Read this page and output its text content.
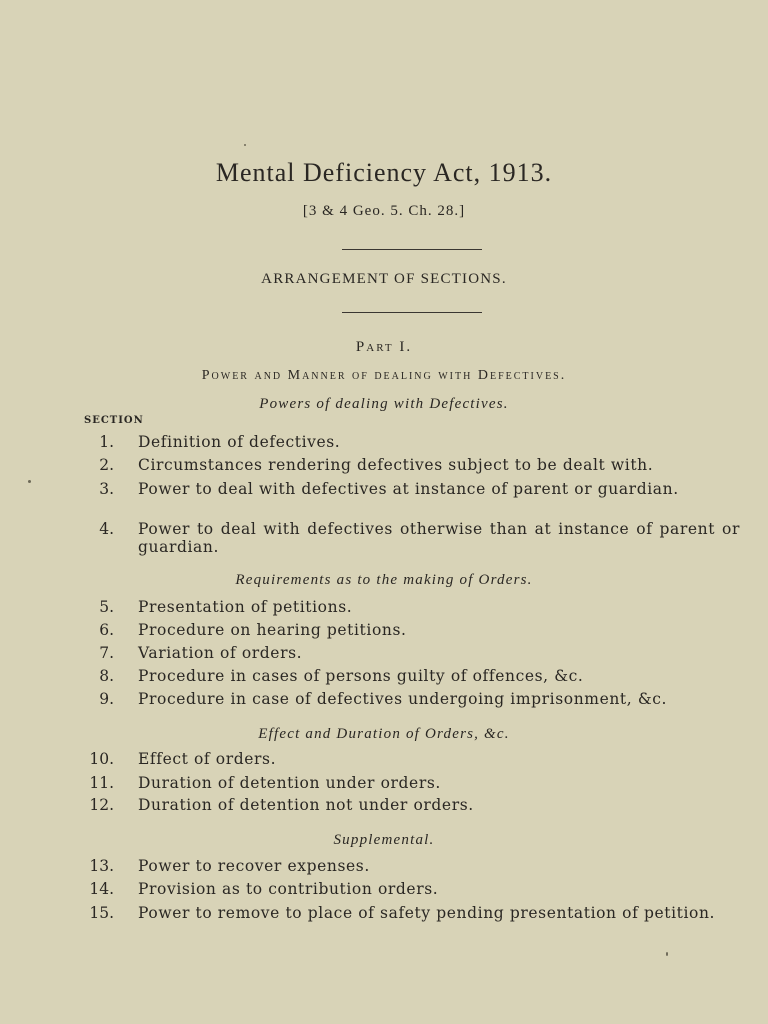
Mental Deficiency Act, 1913.
[3 & 4 Geo. 5. Ch. 28.]
ARRANGEMENT OF SECTIONS.
Part I.
Power and Manner of dealing with Defectives.
Powers of dealing with Defectives.
SECTION
1. Definition of defectives.
2. Circumstances rendering defectives subject to be dealt with.
3. Power to deal with defectives at instance of parent or guardian.
4. Power to deal with defectives otherwise than at instance of parent or guardian.
Requirements as to the making of Orders.
5. Presentation of petitions.
6. Procedure on hearing petitions.
7. Variation of orders.
8. Procedure in cases of persons guilty of offences, &c.
9. Procedure in case of defectives undergoing imprisonment, &c.
Effect and Duration of Orders, &c.
10. Effect of orders.
11. Duration of detention under orders.
12. Duration of detention not under orders.
Supplemental.
13. Power to recover expenses.
14. Provision as to contribution orders.
15. Power to remove to place of safety pending presentation of petition.
